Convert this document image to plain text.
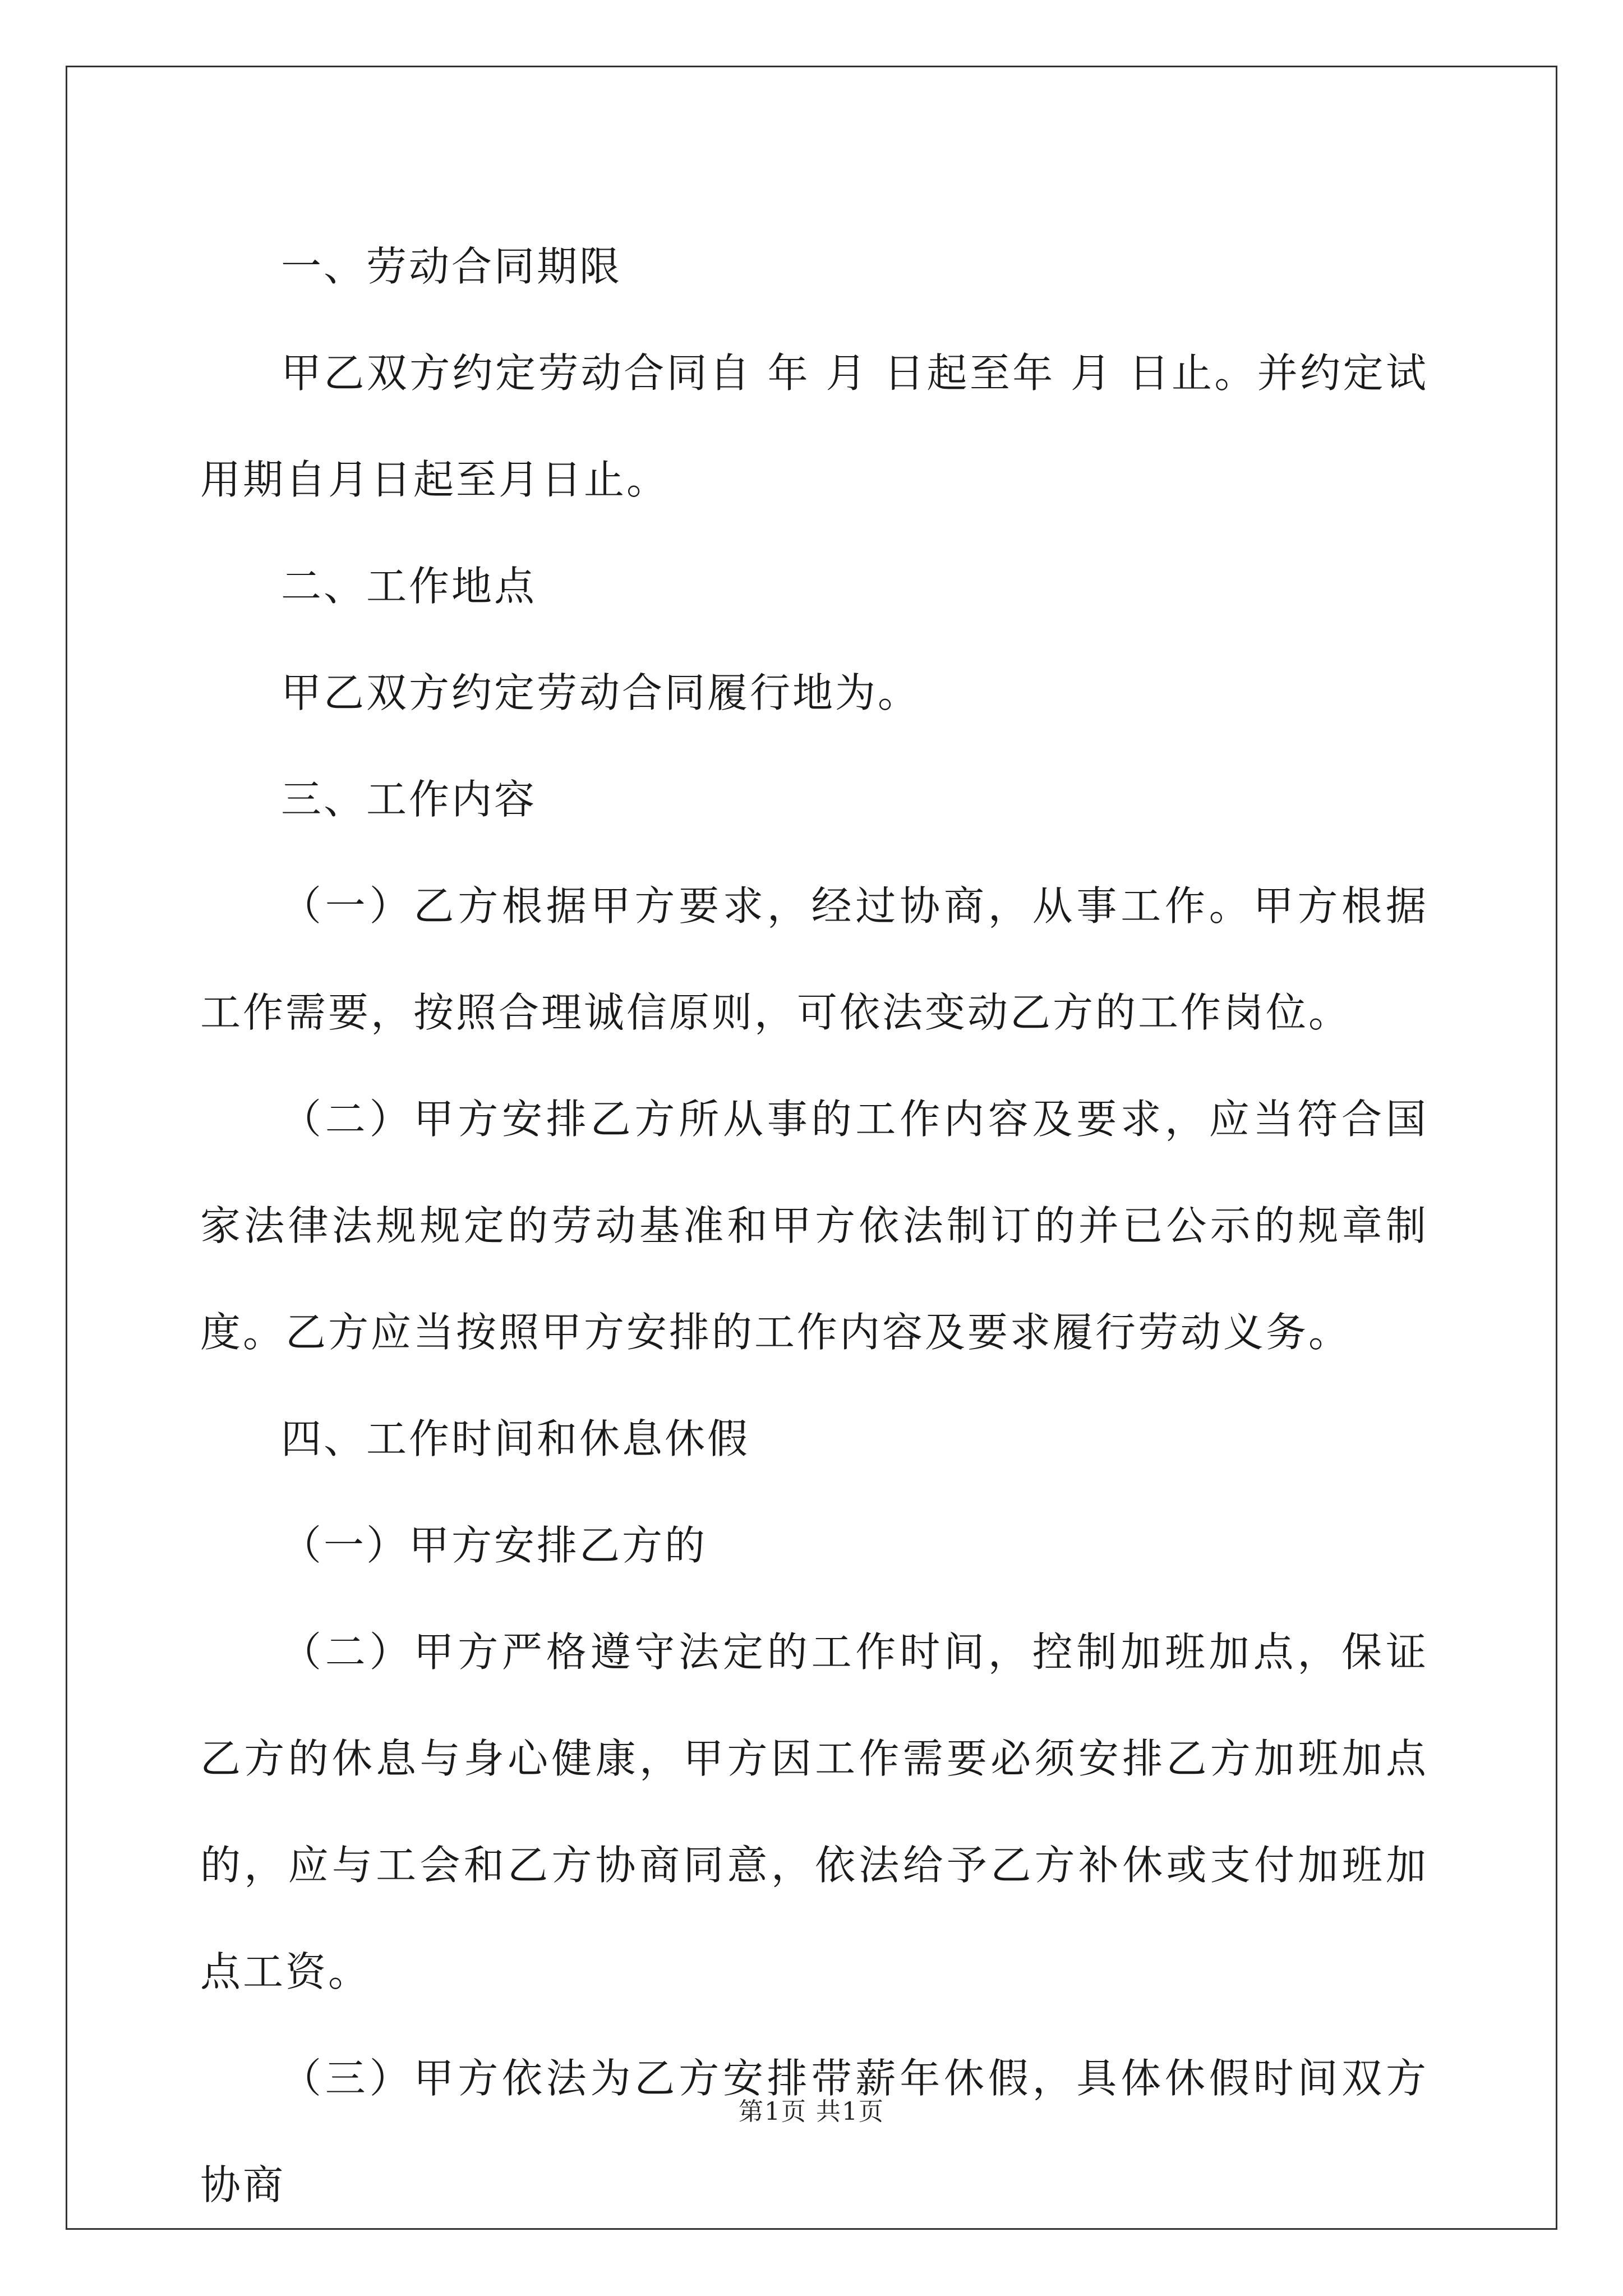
一、劳动合同期限

甲乙双方约定劳动合同自 年 月 日起至年 月 日止。并约定试用期自月日起至月日止。

二、工作地点

甲乙双方约定劳动合同履行地为。

三、工作内容

（一）乙方根据甲方要求，经过协商，从事工作。甲方根据工作需要，按照合理诚信原则，可依法变动乙方的工作岗位。

（二）甲方安排乙方所从事的工作内容及要求，应当符合国家法律法规规定的劳动基准和甲方依法制订的并已公示的规章制度。乙方应当按照甲方安排的工作内容及要求履行劳动义务。

四、工作时间和休息休假

（一）甲方安排乙方的

（二）甲方严格遵守法定的工作时间，控制加班加点，保证乙方的休息与身心健康，甲方因工作需要必须安排乙方加班加点的，应与工会和乙方协商同意，依法给予乙方补休或支付加班加点工资。

（三）甲方依法为乙方安排带薪年休假，具体休假时间双方协商

第1页 共1页
